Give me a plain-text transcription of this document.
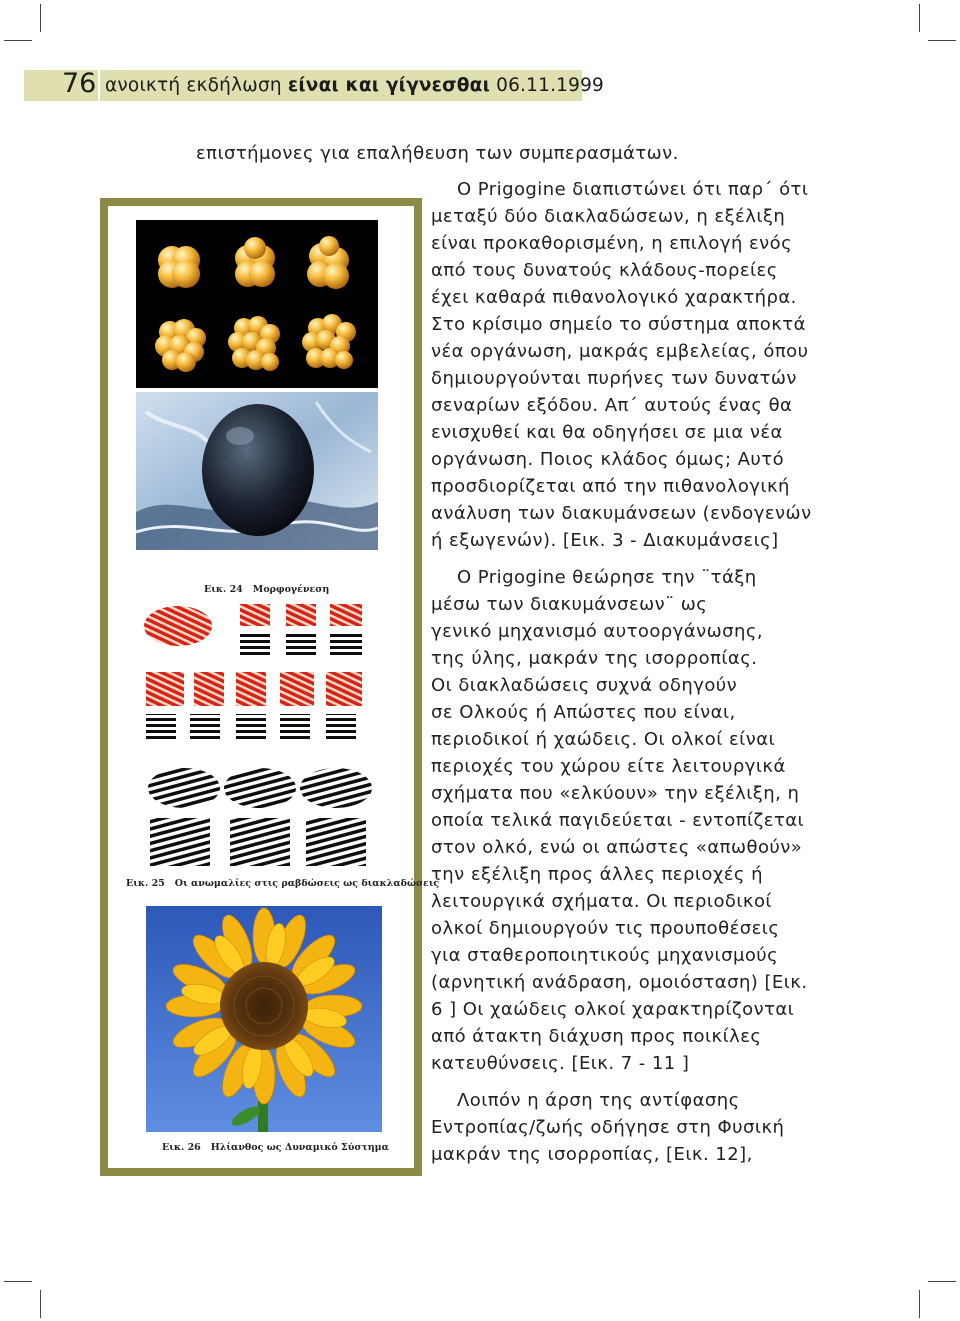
76 ανοικτή εκδήλωση είναι και γίγνεσθαι 06.11.1999

επιστήμονες για επαλήθευση των συμπερασμάτων.

Ο Prigogine διαπιστώνει ότι παρ΄ ότι

μεταξύ δύο διακλαδώσεων, η εξέλιξη

είναι προκαθορισμένη, η επιλογή ενός

από τους δυνατούς κλάδους-πορείες

έχει καθαρά πιθανολογικό χαρακτήρα.

Στο κρίσιμο σημείο το σύστημα αποκτά

νέα οργάνωση, μακράς εμβελείας, όπου

δημιουργούνται πυρήνες των δυνατών

σεναρίων εξόδου. Απ΄ αυτούς ένας θα

ενισχυθεί και θα οδηγήσει σε μια νέα

οργάνωση. Ποιος κλάδος όμως; Αυτό

προσδιορίζεται από την πιθανολογική

ανάλυση των διακυμάνσεων (ενδογενών

ή εξωγενών). [Εικ. 3 - Διακυμάνσεις]

Ο Prigogine θεώρησε την ¨τάξη

μέσω των διακυμάνσεων¨ ως

γενικό μηχανισμό αυτοοργάνωσης,

της ύλης, μακράν της ισορροπίας.

Οι διακλαδώσεις συχνά οδηγούν

σε Ολκούς ή Απώστες που είναι,

περιοδικοί ή χαώδεις. Οι ολκοί είναι

περιοχές του χώρου είτε λειτουργικά

σχήματα που «ελκύουν» την εξέλιξη, η

οποία τελικά παγιδεύεται - εντοπίζεται

στον ολκό, ενώ οι απώστες «απωθούν»

την εξέλιξη προς άλλες περιοχές ή

λειτουργικά σχήματα. Οι περιοδικοί

ολκοί δημιουργούν τις προυποθέσεις

για σταθεροποιητικούς μηχανισμούς

(αρνητική ανάδραση, ομοιόσταση) [Εικ.

6 ] Οι χαώδεις ολκοί χαρακτηρίζονται

από άτακτη διάχυση προς ποικίλες

κατευθύνσεις. [Εικ. 7 - 11 ]

Λοιπόν η άρση της αντίφασης

Εντροπίας/ζωής οδήγησε στη Φυσική

μακράν της ισορροπίας, [Εικ. 12],

Εικ. 24 Μορφογένεση
Εικ. 25 Οι ανωμαλίες στις ραβδώσεις ως διακλαδώσεις
Εικ. 26 Ηλίανθος ως Δυναμικό Σύστημα
